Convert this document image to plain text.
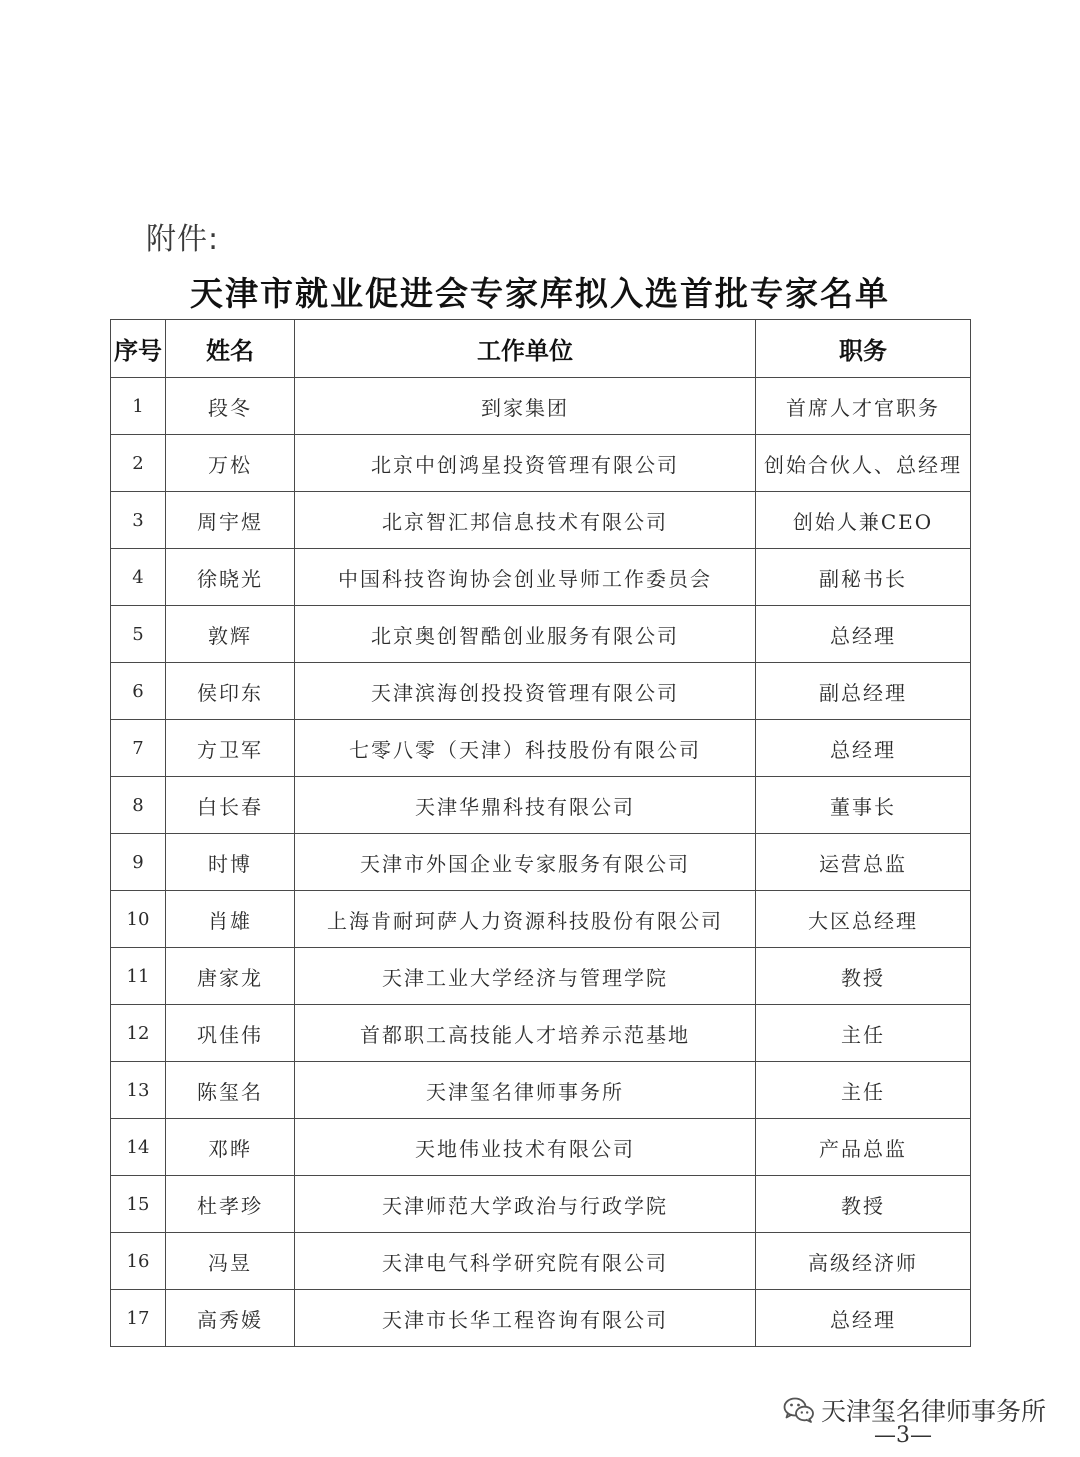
附件:
天津市就业促进会专家库拟入选首批专家名单
序号	姓名	工作单位	职务
1	段冬	到家集团	首席人才官职务
2	万松	北京中创鸿星投资管理有限公司	创始合伙人、总经理
3	周宇煜	北京智汇邦信息技术有限公司	创始人兼CEO
4	徐晓光	中国科技咨询协会创业导师工作委员会	副秘书长
5	敦辉	北京奥创智酷创业服务有限公司	总经理
6	侯印东	天津滨海创投投资管理有限公司	副总经理
7	方卫军	七零八零（天津）科技股份有限公司	总经理
8	白长春	天津华鼎科技有限公司	董事长
9	时博	天津市外国企业专家服务有限公司	运营总监
10	肖雄	上海肯耐珂萨人力资源科技股份有限公司	大区总经理
11	唐家龙	天津工业大学经济与管理学院	教授
12	巩佳伟	首都职工高技能人才培养示范基地	主任
13	陈玺名	天津玺名律师事务所	主任
14	邓晔	天地伟业技术有限公司	产品总监
15	杜孝珍	天津师范大学政治与行政学院	教授
16	冯昱	天津电气科学研究院有限公司	高级经济师
17	高秀媛	天津市长华工程咨询有限公司	总经理
天津玺名律师事务所
—3—
